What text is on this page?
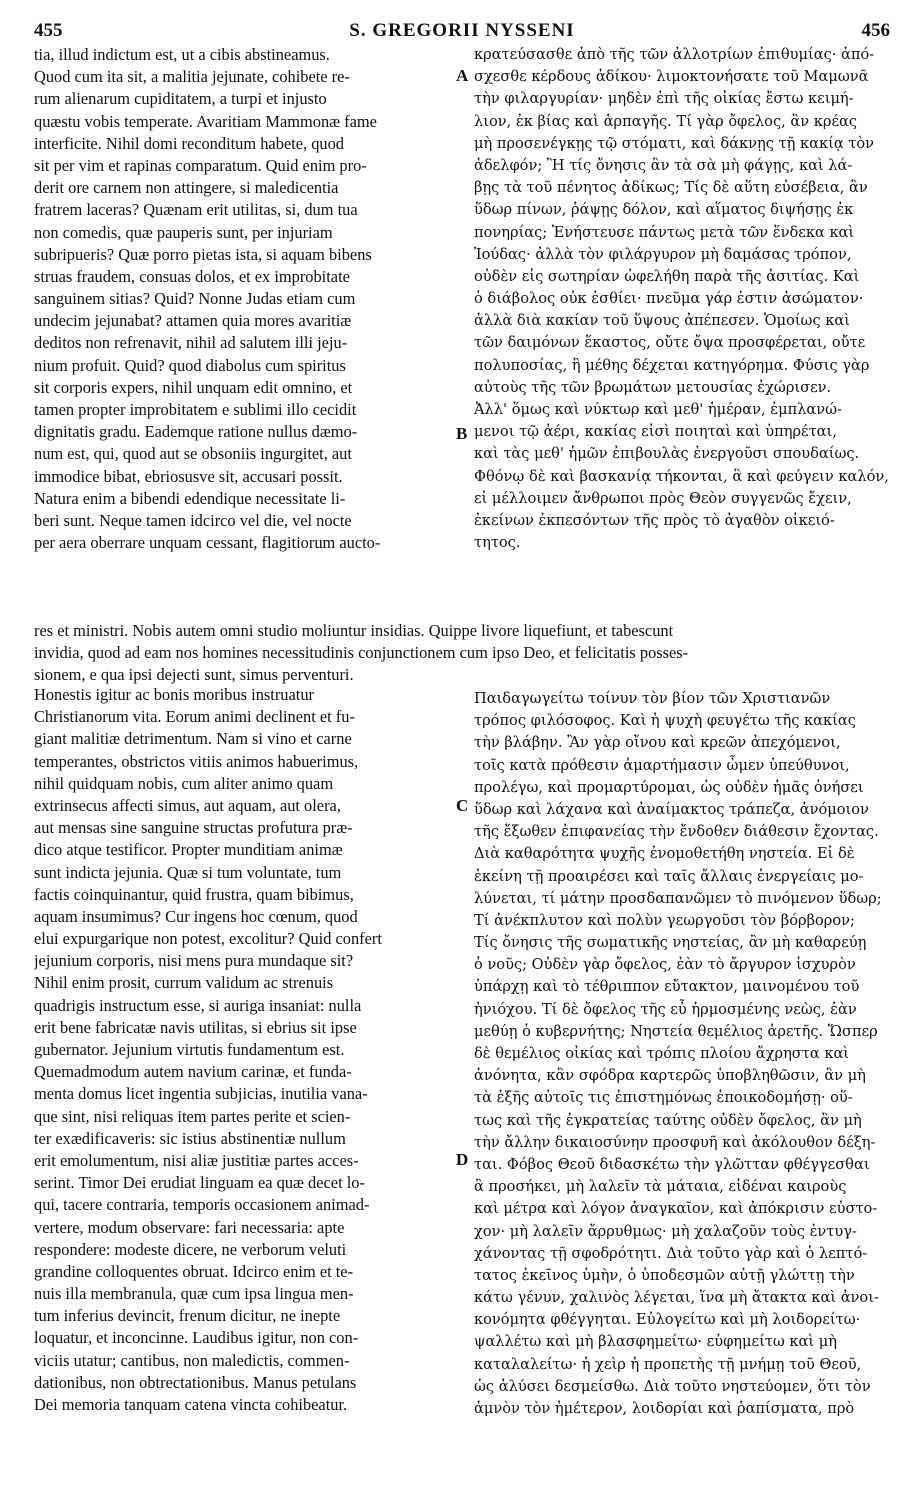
455	S. GREGORII NYSSENI	456
A
B
C
D
tia, illud indictum est, ut a cibis abstineamus.
Quod cum ita sit, a malitia jejunate, cohibete re-
rum alienarum cupiditatem, a turpi et injusto
quæstu vobis temperate. Avaritiam Mammonæ fame
interficite. Nihil domi reconditum habete, quod
sit per vim et rapinas comparatum. Quid enim pro-
derit ore carnem non attingere, si maledicentia
fratrem laceras? Quænam erit utilitas, si, dum tua
non comedis, quæ pauperis sunt, per injuriam
subripueris? Quæ porro pietas ista, si aquam bibens
struas fraudem, consuas dolos, et ex improbitate
sanguinem sitias? Quid? Nonne Judas etiam cum
undecim jejunabat? attamen quia mores avaritiæ
deditos non refrenavit, nihil ad salutem illi jeju-
nium profuit. Quid? quod diabolus cum spiritus
sit corporis expers, nihil unquam edit omnino, et
tamen propter improbitatem e sublimi illo cecidit
dignitatis gradu. Eademque ratione nullus dæmo-
num est, qui, quod aut se obsoniis ingurgitet, aut
immodice bibat, ebriosusve sit, accusari possit.
Natura enim a bibendi edendique necessitate li-
beri sunt. Neque tamen idcirco vel die, vel nocte
per aera oberrare unquam cessant, flagitiorum aucto-
κρατεύσασθε ἀπὸ τῆς τῶν ἀλλοτρίων ἐπιθυμίας· ἀπό-
σχεσθε κέρδους ἀδίκου· λιμοκτονήσατε τοῦ Μαμωνᾶ
τὴν φιλαργυρίαν· μηδὲν ἐπὶ τῆς οἰκίας ἔστω κειμή-
λιον, ἐκ βίας καὶ ἁρπαγῆς. Τί γὰρ ὄφελος, ἂν κρέας
μὴ προσενέγκῃς τῷ στόματι, καὶ δάκνῃς τῇ κακίᾳ τὸν
ἀδελφόν; Ἢ τίς ὄνησις ἂν τὰ σὰ μὴ φάγῃς, καὶ λά-
βῃς τὰ τοῦ πένητος ἀδίκως; Τίς δὲ αὕτη εὐσέβεια, ἂν
ὕδωρ πίνων, ῥάψῃς δόλον, καὶ αἵματος διψήσῃς ἐκ
πονηρίας; Ἐνήστευσε πάντως μετὰ τῶν ἕνδεκα καὶ
Ἰούδας· ἀλλὰ τὸν φιλάργυρον μὴ δαμάσας τρόπον,
οὐδὲν εἰς σωτηρίαν ὠφελήθη παρὰ τῆς ἀσιτίας. Καὶ
ὁ διάβολος οὐκ ἐσθίει· πνεῦμα γάρ ἐστιν ἀσώματον·
ἀλλὰ διὰ κακίαν τοῦ ὕψους ἀπέπεσεν. Ὁμοίως καὶ
τῶν δαιμόνων ἕκαστος, οὔτε ὄψα προσφέρεται, οὔτε
πολυποσίας, ἢ μέθης δέχεται κατηγόρημα. Φύσις γὰρ
αὐτοὺς τῆς τῶν βρωμάτων μετουσίας ἐχώρισεν.
Ἀλλ' ὅμως καὶ νύκτωρ καὶ μεθ' ἡμέραν, ἐμπλανώ-
μενοι τῷ ἀέρι, κακίας εἰσὶ ποιηταὶ καὶ ὑπηρέται,
καὶ τὰς μεθ' ἡμῶν ἐπιβουλὰς ἐνεργοῦσι σπουδαίως.
Φθόνῳ δὲ καὶ βασκανίᾳ τήκονται, ἃ καὶ φεύγειν καλόν,
εἰ μέλλοιμεν ἄνθρωποι πρὸς Θεὸν συγγενῶς ἔχειν,
ἐκείνων ἐκπεσόντων τῆς πρὸς τὸ ἀγαθὸν οἰκειό-
τητος.
res et ministri. Nobis autem omni studio moliuntur insidias. Quippe livore liquefiunt, et tabescunt
invidia, quod ad eam nos homines necessitudinis conjunctionem cum ipso Deo, et felicitatis posses-
sionem, e qua ipsi dejecti sunt, simus perventuri.
Honestis igitur ac bonis moribus instruatur
Christianorum vita. Eorum animi declinent et fu-
giant malitiæ detrimentum. Nam si vino et carne
temperantes, obstrictos vitiis animos habuerimus,
nihil quidquam nobis, cum aliter animo quam
extrinsecus affecti simus, aut aquam, aut olera,
aut mensas sine sanguine structas profutura præ-
dico atque testificor. Propter munditiam animæ
sunt indicta jejunia. Quæ si tum voluntate, tum
factis coinquinantur, quid frustra, quam bibimus,
aquam insumimus? Cur ingens hoc cœnum, quod
elui expurgarique non potest, excolitur? Quid confert
jejunium corporis, nisi mens pura mundaque sit?
Nihil enim prosit, currum validum ac strenuis
quadrigis instructum esse, si auriga insaniat: nulla
erit bene fabricatæ navis utilitas, si ebrius sit ipse
gubernator. Jejunium virtutis fundamentum est.
Quemadmodum autem navium carinæ, et funda-
menta domus licet ingentia subjicias, inutilia vana-
que sint, nisi reliquas item partes perite et scien-
ter exædificaveris: sic istius abstinentiæ nullum
erit emolumentum, nisi aliæ justitiæ partes acces-
serint. Timor Dei erudiat linguam ea quæ decet lo-
qui, tacere contraria, temporis occasionem animad-
vertere, modum observare: fari necessaria: apte
respondere: modeste dicere, ne verborum veluti
grandine colloquentes obruat. Idcirco enim et te-
nuis illa membranula, quæ cum ipsa lingua men-
tum inferius devincit, frenum dicitur, ne inepte
loquatur, et inconcinne. Laudibus igitur, non con-
viciis utatur; cantibus, non maledictis, commen-
dationibus, non obtrectationibus. Manus petulans
Dei memoria tanquam catena vincta cohibeatur.
Παιδαγωγείτω τοίνυν τὸν βίον τῶν Χριστιανῶν
τρόπος φιλόσοφος. Καὶ ἡ ψυχὴ φευγέτω τῆς κακίας
τὴν βλάβην. Ἂν γὰρ οἴνου καὶ κρεῶν ἀπεχόμενοι,
τοῖς κατὰ πρόθεσιν ἁμαρτήμασιν ὦμεν ὑπεύθυνοι,
προλέγω, καὶ προμαρτύρομαι, ὡς οὐδὲν ἡμᾶς ὀνήσει
ὕδωρ καὶ λάχανα καὶ ἀναίμακτος τράπεζα, ἀνόμοιον
τῆς ἔξωθεν ἐπιφανείας τὴν ἔνδοθεν διάθεσιν ἔχοντας.
Διὰ καθαρότητα ψυχῆς ἐνομοθετήθη νηστεία. Εἰ δὲ
ἐκείνη τῇ προαιρέσει καὶ ταῖς ἄλλαις ἐνεργείαις μο-
λύνεται, τί μάτην προσδαπανῶμεν τὸ πινόμενον ὕδωρ;
Τί ἀνέκπλυτον καὶ πολὺν γεωργοῦσι τὸν βόρβορον;
Τίς ὄνησις τῆς σωματικῆς νηστείας, ἂν μὴ καθαρεύῃ
ὁ νοῦς; Οὐδὲν γὰρ ὄφελος, ἐὰν τὸ ἄργυρον ἰσχυρὸν
ὑπάρχῃ καὶ τὸ τέθριππον εὔτακτον, μαινομένου τοῦ
ἡνιόχου. Τί δὲ ὄφελος τῆς εὖ ἡρμοσμένης νεὼς, ἐὰν
μεθύῃ ὁ κυβερνήτης; Νηστεία θεμέλιος ἀρετῆς. Ὥσπερ
δὲ θεμέλιος οἰκίας καὶ τρόπις πλοίου ἄχρηστα καὶ
ἀνόνητα, κἂν σφόδρα καρτερῶς ὑποβληθῶσιν, ἂν μὴ
τὰ ἑξῆς αὐτοῖς τις ἐπιστημόνως ἐποικοδομήσῃ· οὕ-
τως καὶ τῆς ἐγκρατείας ταύτης οὐδὲν ὄφελος, ἂν μὴ
τὴν ἄλλην δικαιοσύνην προσφυῆ καὶ ἀκόλουθον δέξη-
ται. Φόβος Θεοῦ διδασκέτω τὴν γλῶτταν φθέγγεσθαι
ἃ προσήκει, μὴ λαλεῖν τὰ μάταια, εἰδέναι καιροὺς
καὶ μέτρα καὶ λόγον ἀναγκαῖον, καὶ ἀπόκρισιν εὐστο-
χον· μὴ λαλεῖν ἄρρυθμως· μὴ χαλαζοῦν τοὺς ἐντυγ-
χάνοντας τῇ σφοδρότητι. Διὰ τοῦτο γὰρ καὶ ὁ λεπτό-
τατος ἐκεῖνος ὑμὴν, ὁ ὑποδεσμῶν αὐτῇ γλώττῃ τὴν
κάτω γένυν, χαλινὸς λέγεται, ἵνα μὴ ἄτακτα καὶ ἀνοι-
κονόμητα φθέγγηται. Εὐλογείτω καὶ μὴ λοιδορείτω·
ψαλλέτω καὶ μὴ βλασφημείτω· εὐφημείτω καὶ μὴ
καταλαλείτω· ἡ χεὶρ ἡ προπετὴς τῇ μνήμῃ τοῦ Θεοῦ,
ὡς ἁλύσει δεσμείσθω. Διὰ τοῦτο νηστεύομεν, ὅτι τὸν
ἀμνὸν τὸν ἡμέτερον, λοιδορίαι καὶ ῥαπίσματα, πρὸ
